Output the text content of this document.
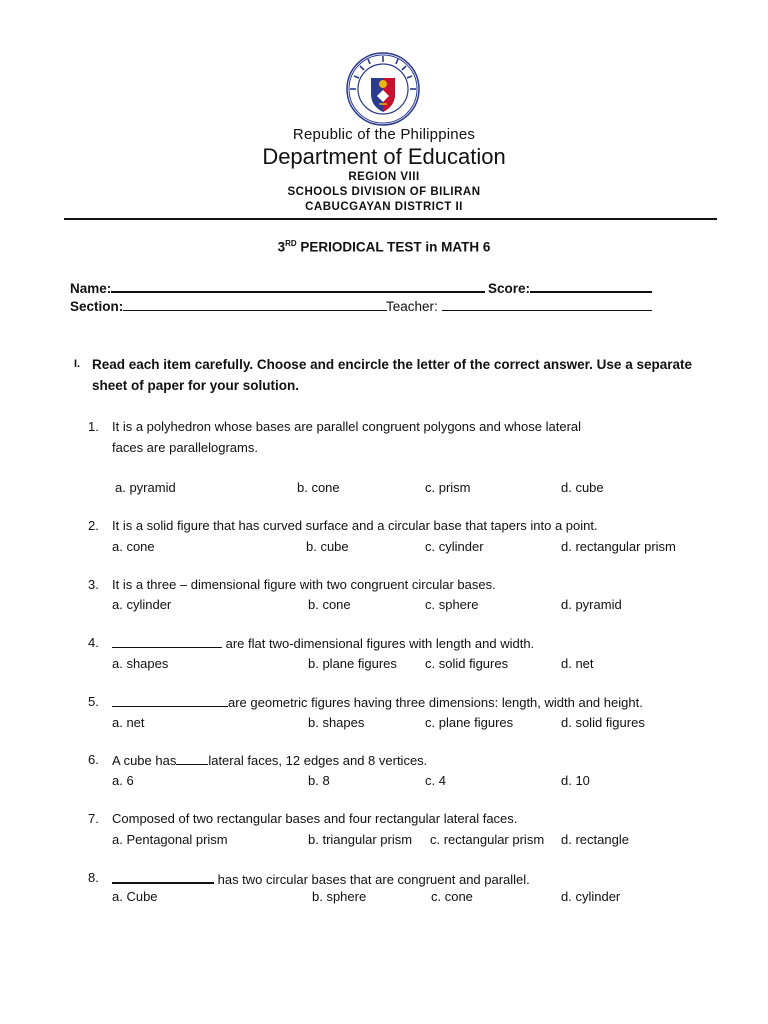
Republic of the Philippines
Department of Education
REGION VIII
SCHOOLS DIVISION OF BILIRAN
CABUCGAYAN DISTRICT II
3RD PERIODICAL TEST in MATH 6
Name:	Score:
Section:	Teacher:
I. Read each item carefully. Choose and encircle the letter of the correct answer. Use a separate sheet of paper for your solution.
1. It is a polyhedron whose bases are parallel congruent polygons and whose lateral
faces are parallelograms.
a. pyramid	b. cone	c. prism	d. cube
2. It is a solid figure that has curved surface and a circular base that tapers into a point.
a. cone	b. cube	c. cylinder	d. rectangular prism
3. It is a three – dimensional figure with two congruent circular bases.
a. cylinder	b. cone	c. sphere	d. pyramid
4.	are flat two-dimensional figures with length and width.
a. shapes	b. plane figures c. solid figures	d. net
5.	are geometric figures having three dimensions: length, width and height.
a. net	b. shapes	c. plane figures	d. solid figures
6. A cube has lateral faces, 12 edges and 8 vertices.
a. 6	b. 8	c. 4	d. 10
7. Composed of two rectangular bases and four rectangular lateral faces.
a. Pentagonal prism	b. triangular prism c. rectangular prism d. rectangle
8.	has two circular bases that are congruent and parallel.
a. Cube	b. sphere	c. cone	d. cylinder
